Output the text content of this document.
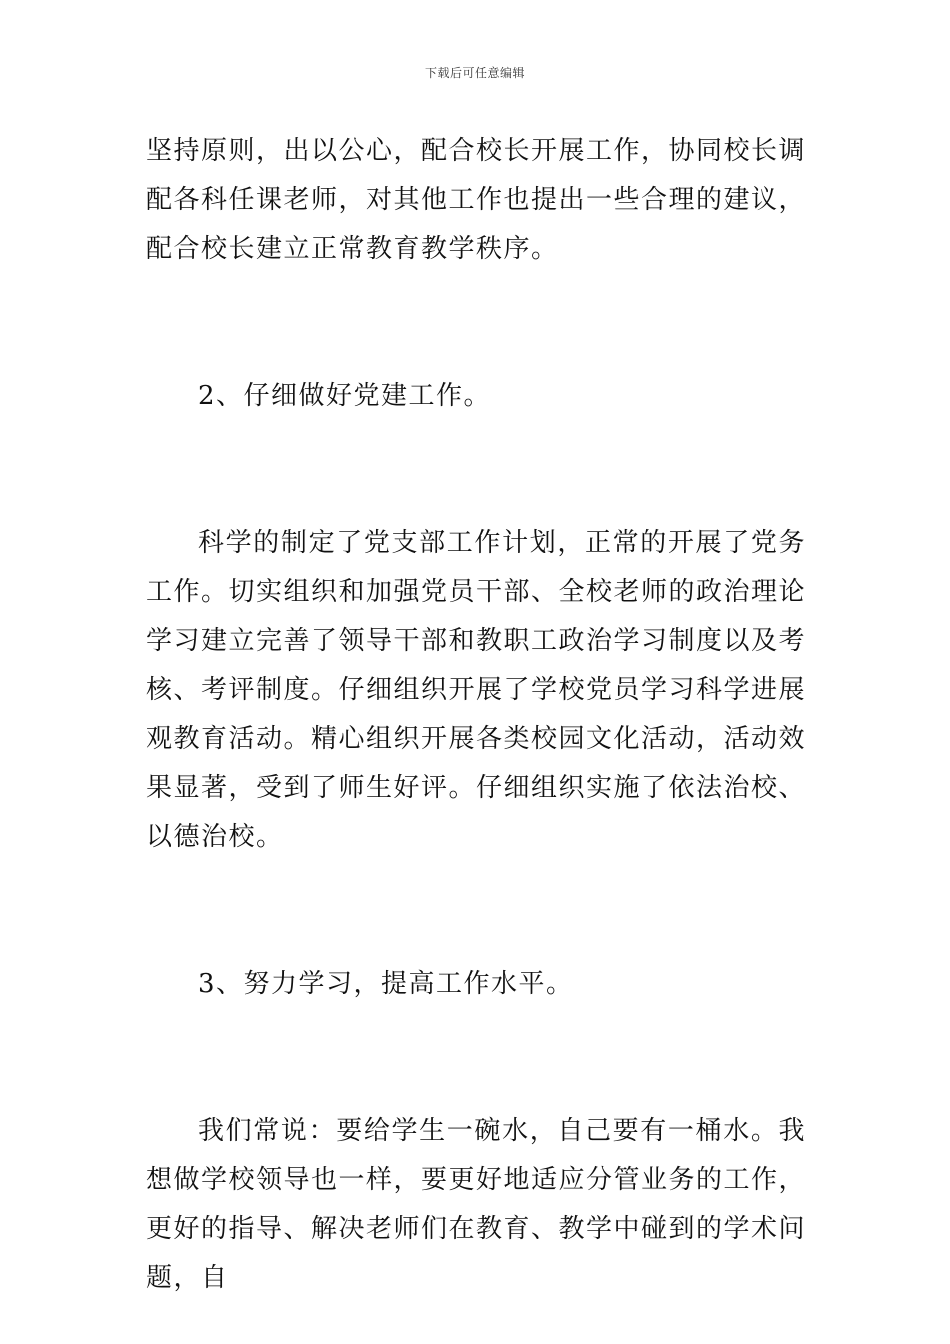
下载后可任意编辑

坚持原则，出以公心，配合校长开展工作，协同校长调配各科任课老师，对其他工作也提出一些合理的建议，配合校长建立正常教育教学秩序。

2、仔细做好党建工作。

科学的制定了党支部工作计划，正常的开展了党务工作。切实组织和加强党员干部、全校老师的政治理论学习建立完善了领导干部和教职工政治学习制度以及考核、考评制度。仔细组织开展了学校党员学习科学进展观教育活动。精心组织开展各类校园文化活动，活动效果显著，受到了师生好评。仔细组织实施了依法治校、以德治校。

3、努力学习，提高工作水平。

我们常说：要给学生一碗水，自己要有一桶水。我想做学校领导也一样，要更好地适应分管业务的工作，更好的指导、解决老师们在教育、教学中碰到的学术问题，自
